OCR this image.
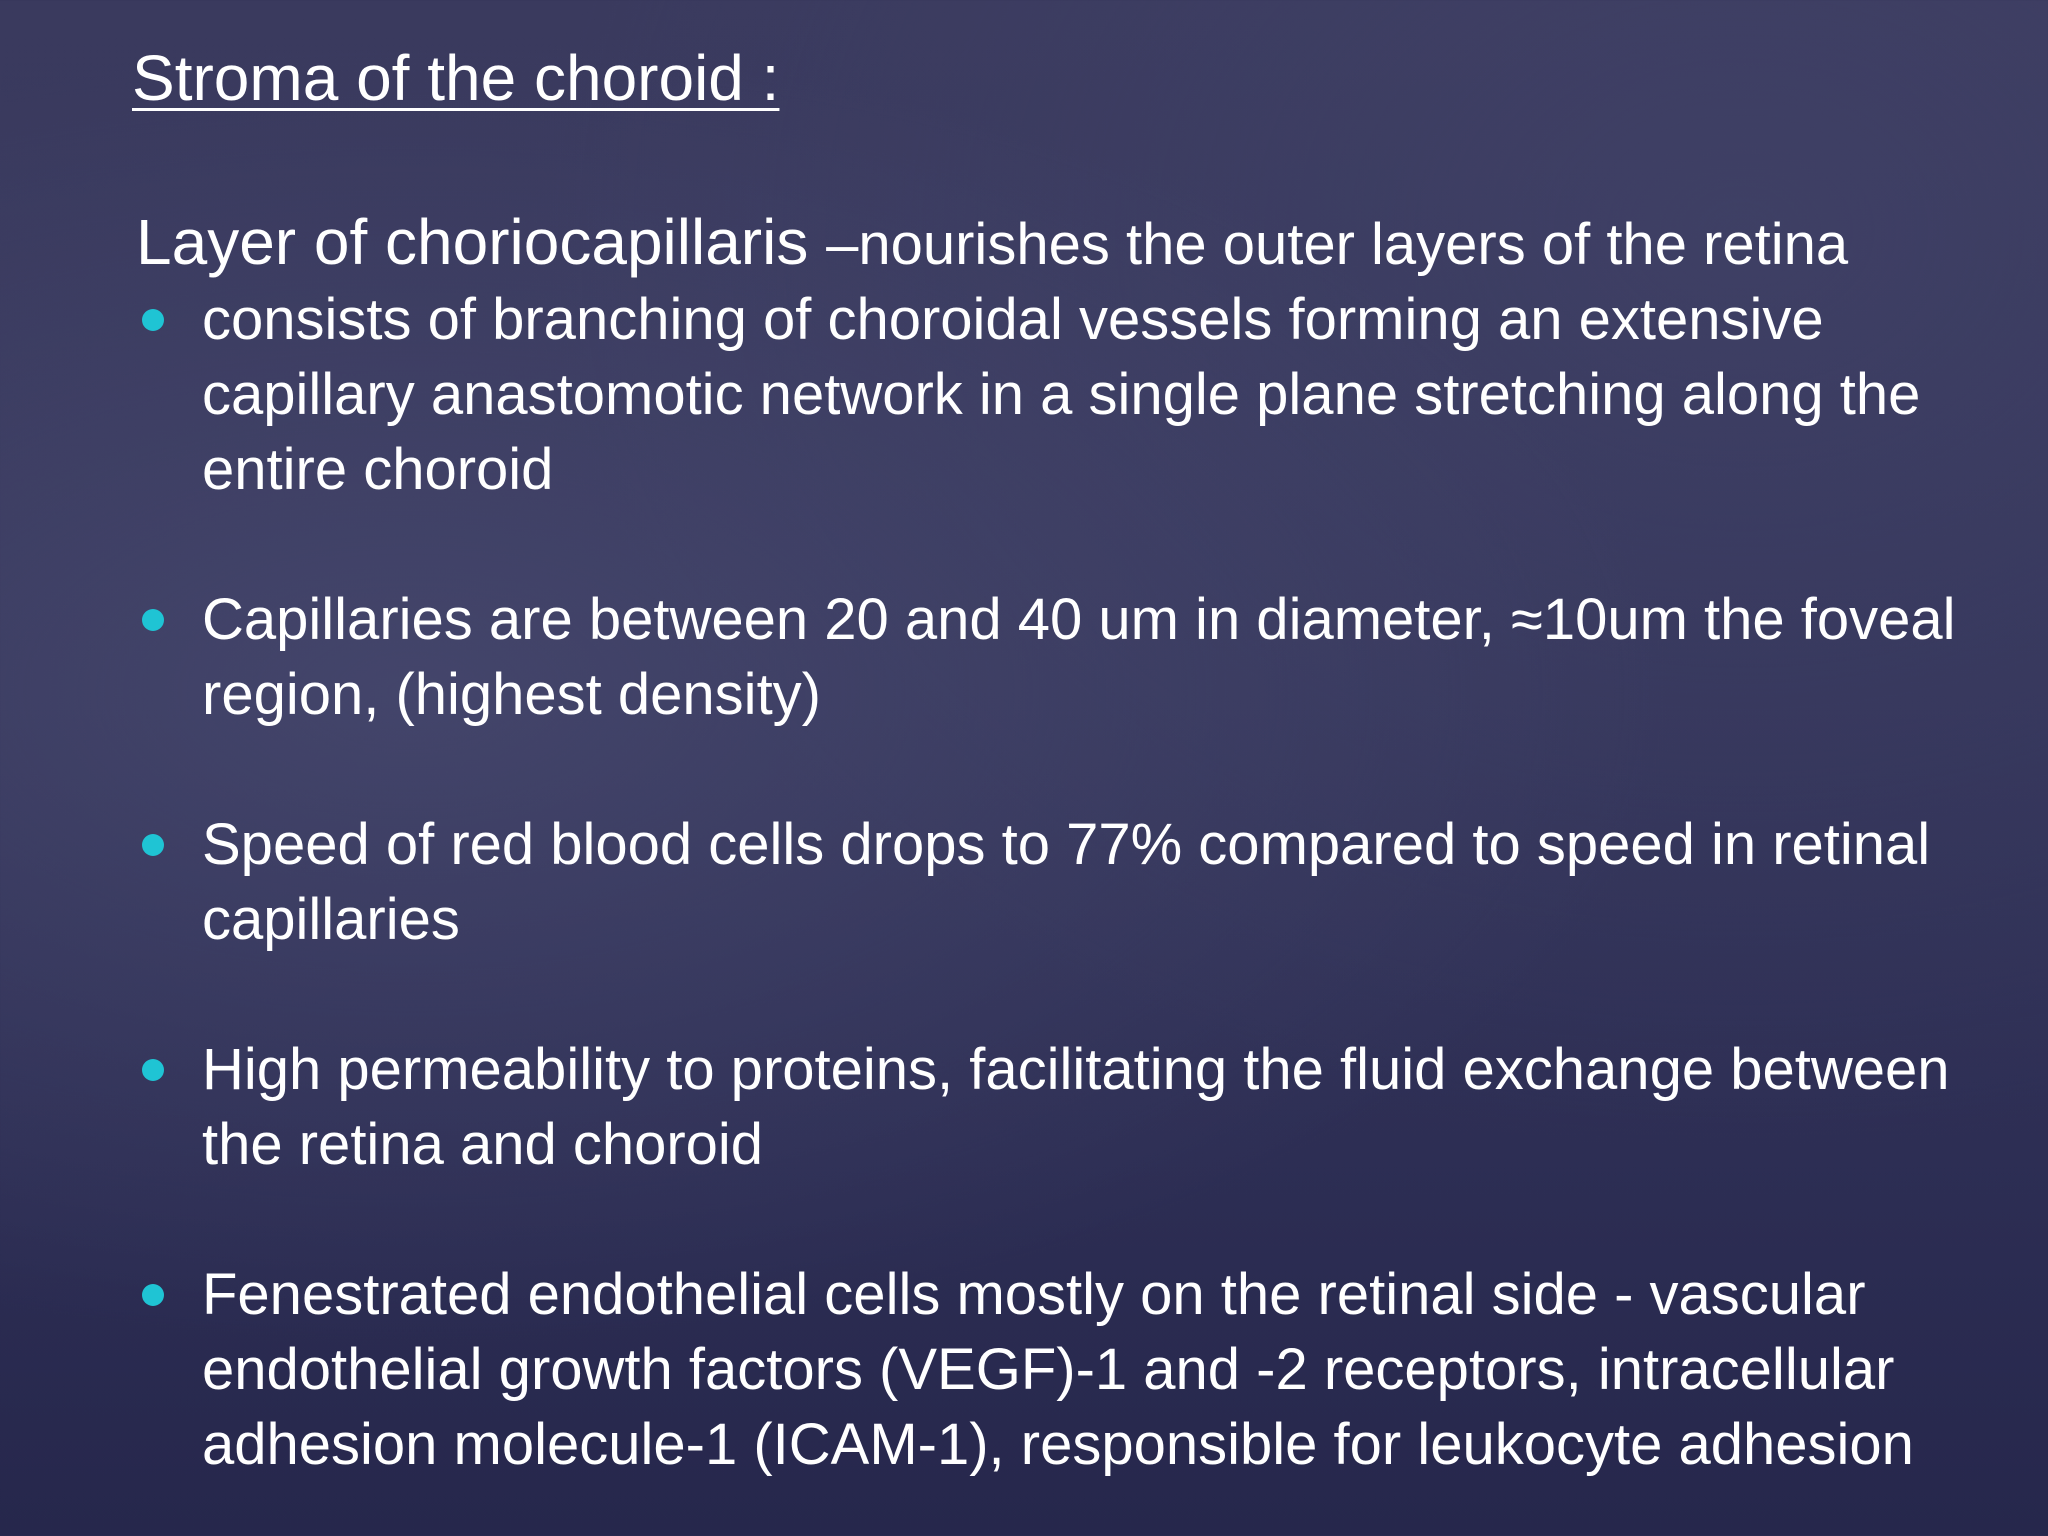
Stroma of the choroid :

Layer of choriocapillaris –nourishes the outer layers of the retina

consists of branching of choroidal vessels forming an extensive capillary anastomotic network in a single plane stretching along the entire choroid
Capillaries are between 20 and 40 um in diameter, ≈10um the foveal region, (highest density)
Speed of red blood cells drops to 77% compared to speed in retinal capillaries
High permeability to proteins, facilitating the fluid exchange between the retina and choroid
Fenestrated endothelial cells mostly on the retinal side - vascular endothelial growth factors (VEGF)-1 and -2 receptors, intracellular adhesion molecule-1 (ICAM-1), responsible for leukocyte adhesion
